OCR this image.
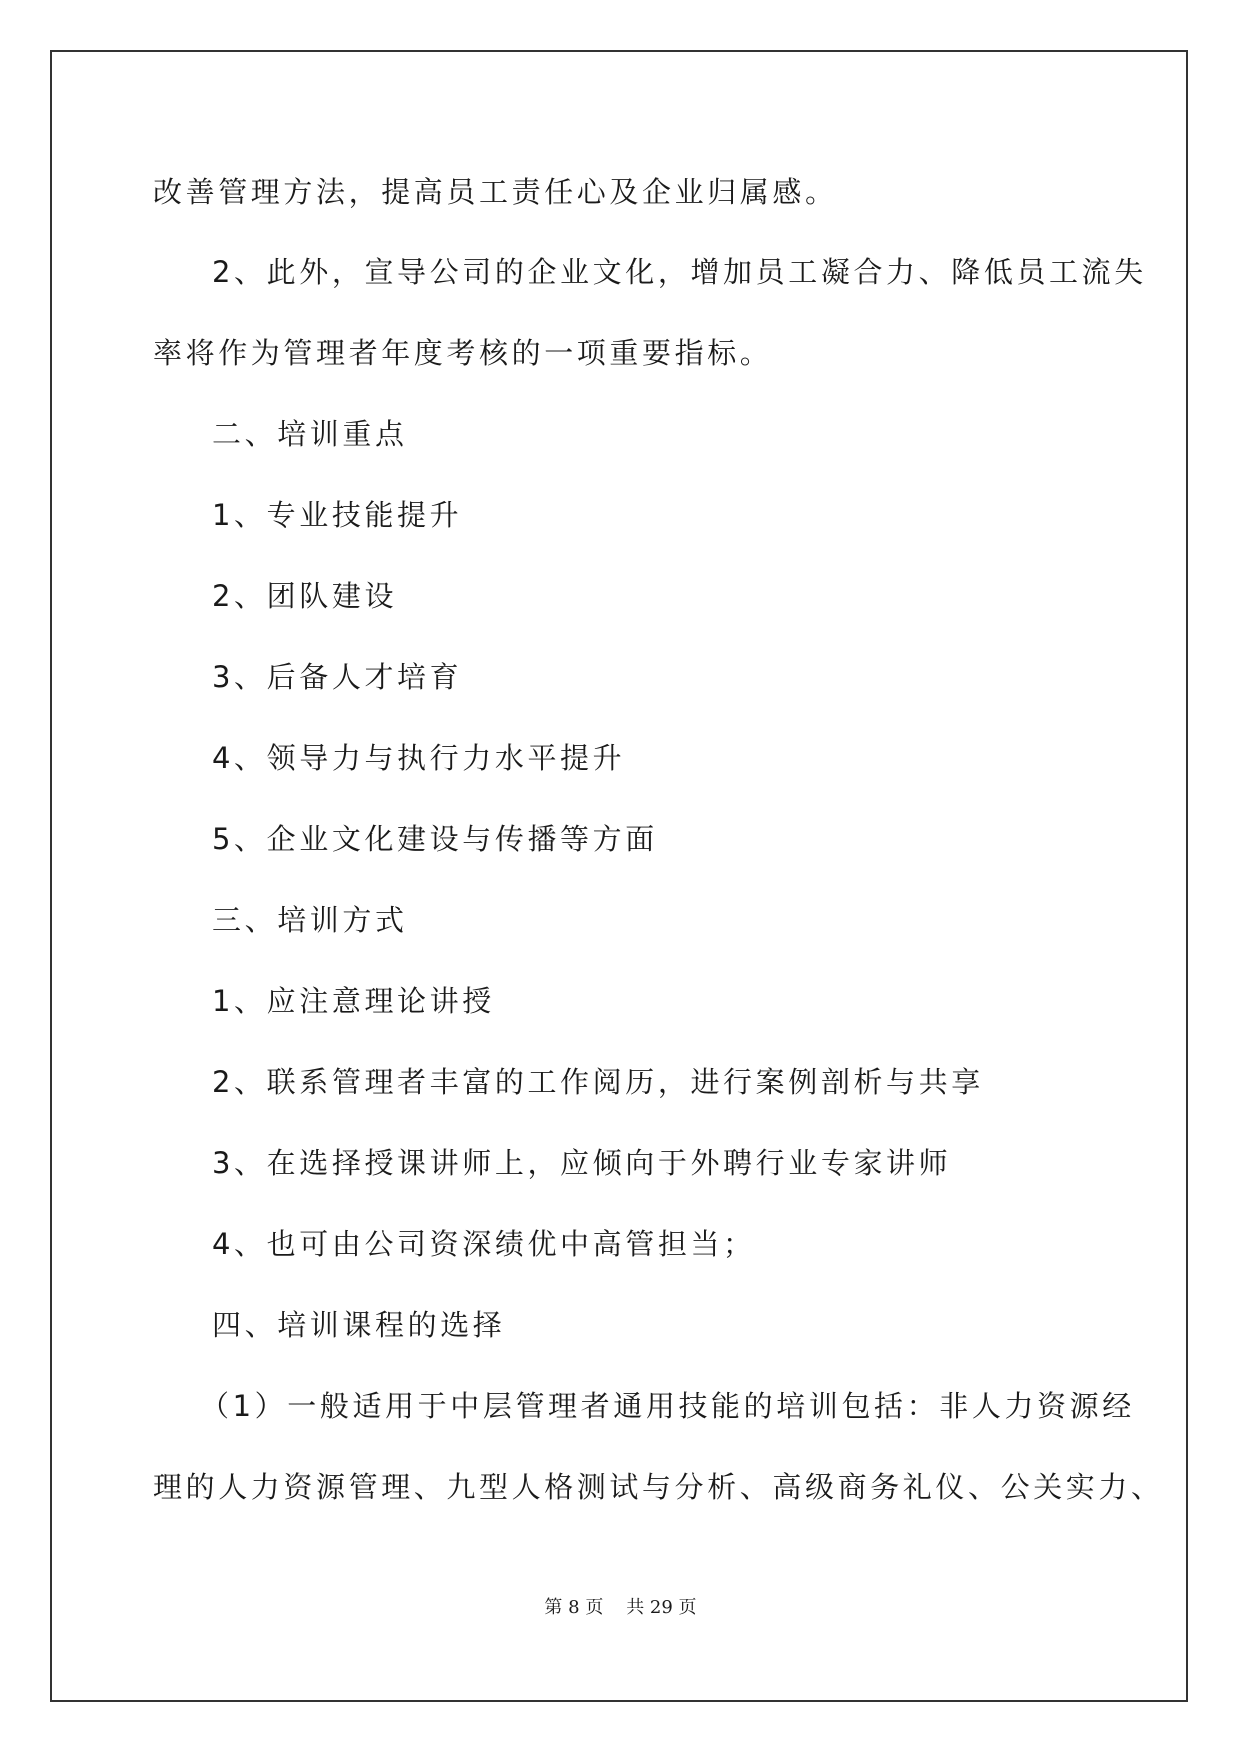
改善管理方法，提高员工责任心及企业归属感。
2、此外，宣导公司的企业文化，增加员工凝合力、降低员工流失
率将作为管理者年度考核的一项重要指标。
二、培训重点
1、专业技能提升
2、团队建设
3、后备人才培育
4、领导力与执行力水平提升
5、企业文化建设与传播等方面
三、培训方式
1、应注意理论讲授
2、联系管理者丰富的工作阅历，进行案例剖析与共享
3、在选择授课讲师上，应倾向于外聘行业专家讲师
4、也可由公司资深绩优中高管担当；
四、培训课程的选择
（1）一般适用于中层管理者通用技能的培训包括：非人力资源经
理的人力资源管理、九型人格测试与分析、高级商务礼仪、公关实力、
第 8 页    共 29 页
